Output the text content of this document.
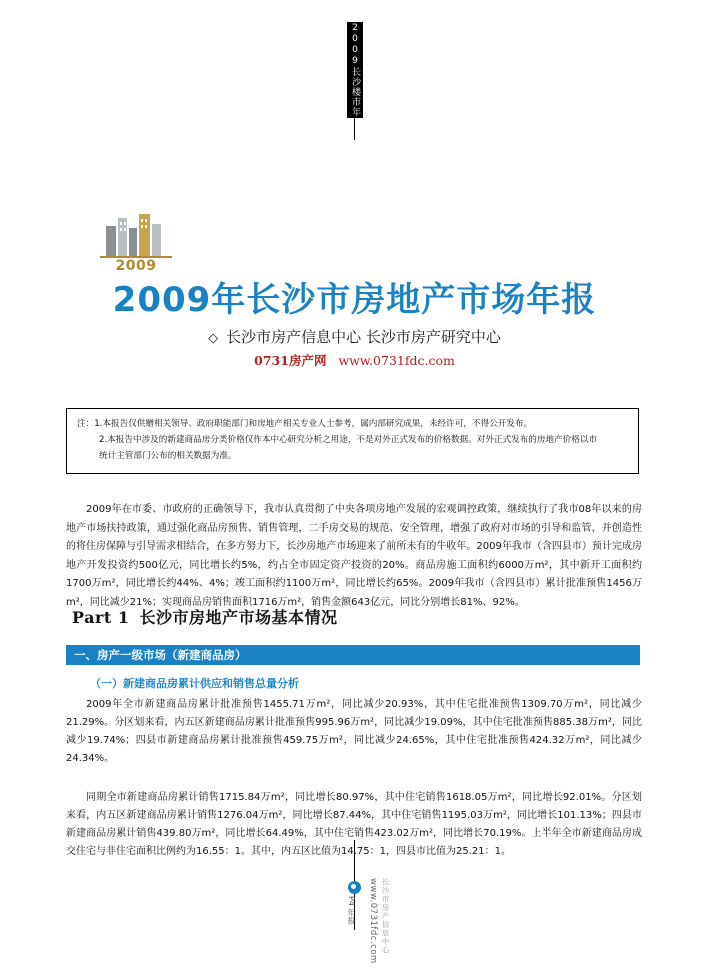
2009长沙楼市年报
2009
2009年长沙市房地产市场年报
◇ 长沙市房产信息中心 长沙市房产研究中心
0731房产网 www.0731fdc.com

注：1.本报告仅供赠相关领导、政府职能部门和房地产相关专业人士参考，属内部研究成果，未经许可，不得公开发布。

2.本报告中涉及的新建商品房分类价格仅作本中心研究分析之用途，不是对外正式发布的价格数据。对外正式发布的房地产价格以市

统计主管部门公布的相关数据为准。

2009年在市委、市政府的正确领导下，我市认真贯彻了中央各项房地产发展的宏观调控政策，继续执行了我市08年以来的房地产市场扶持政策，通过强化商品房预售、销售管理，二手房交易的规范、安全管理，增强了政府对市场的引导和监管，并创造性的将住房保障与引导需求相结合，在多方努力下，长沙房地产市场迎来了前所未有的牛收年。2009年我市（含四县市）预计完成房地产开发投资约500亿元，同比增长约5%，约占全市固定资产投资的20%。商品房施工面积约6000万m²，其中新开工面积约1700万m²，同比增长约44%、4%；竣工面积约1100万m²，同比增长约65%。2009年我市（含四县市）累计批准预售1456万m²，同比减少21%；实现商品房销售面积1716万m²，销售金额643亿元，同比分别增长81%、92%。
Part 1 长沙市房地产市场基本情况
一、房产一级市场（新建商品房）
（一）新建商品房累计供应和销售总量分析
2009年全市新建商品房累计批准预售1455.71万m²，同比减少20.93%，其中住宅批准预售1309.70万m²，同比减少21.29%。分区划来看，内五区新建商品房累计批准预售995.96万m²，同比减少19.09%，其中住宅批准预售885.38万m²，同比减少19.74%；四县市新建商品房累计批准预售459.75万m²，同比减少24.65%，其中住宅批准预售424.32万m²，同比减少24.34%。
同期全市新建商品房累计销售1715.84万m²，同比增长80.97%，其中住宅销售1618.05万m²，同比增长92.01%。分区划来看，内五区新建商品房累计销售1276.04万m²，同比增长87.44%，其中住宅销售1195.03万m²，同比增长101.13%；四县市新建商品房累计销售439.80万m²，同比增长64.49%，其中住宅销售423.02万m²，同比增长70.19%。上半年全市新建商品房成交住宅与非住宅面积比例约为16.55：1。其中，内五区比值为14.75：1，四县市比值为25.21：1。
P4 年报 www.0731fdc.com 长沙市房产信息中心
